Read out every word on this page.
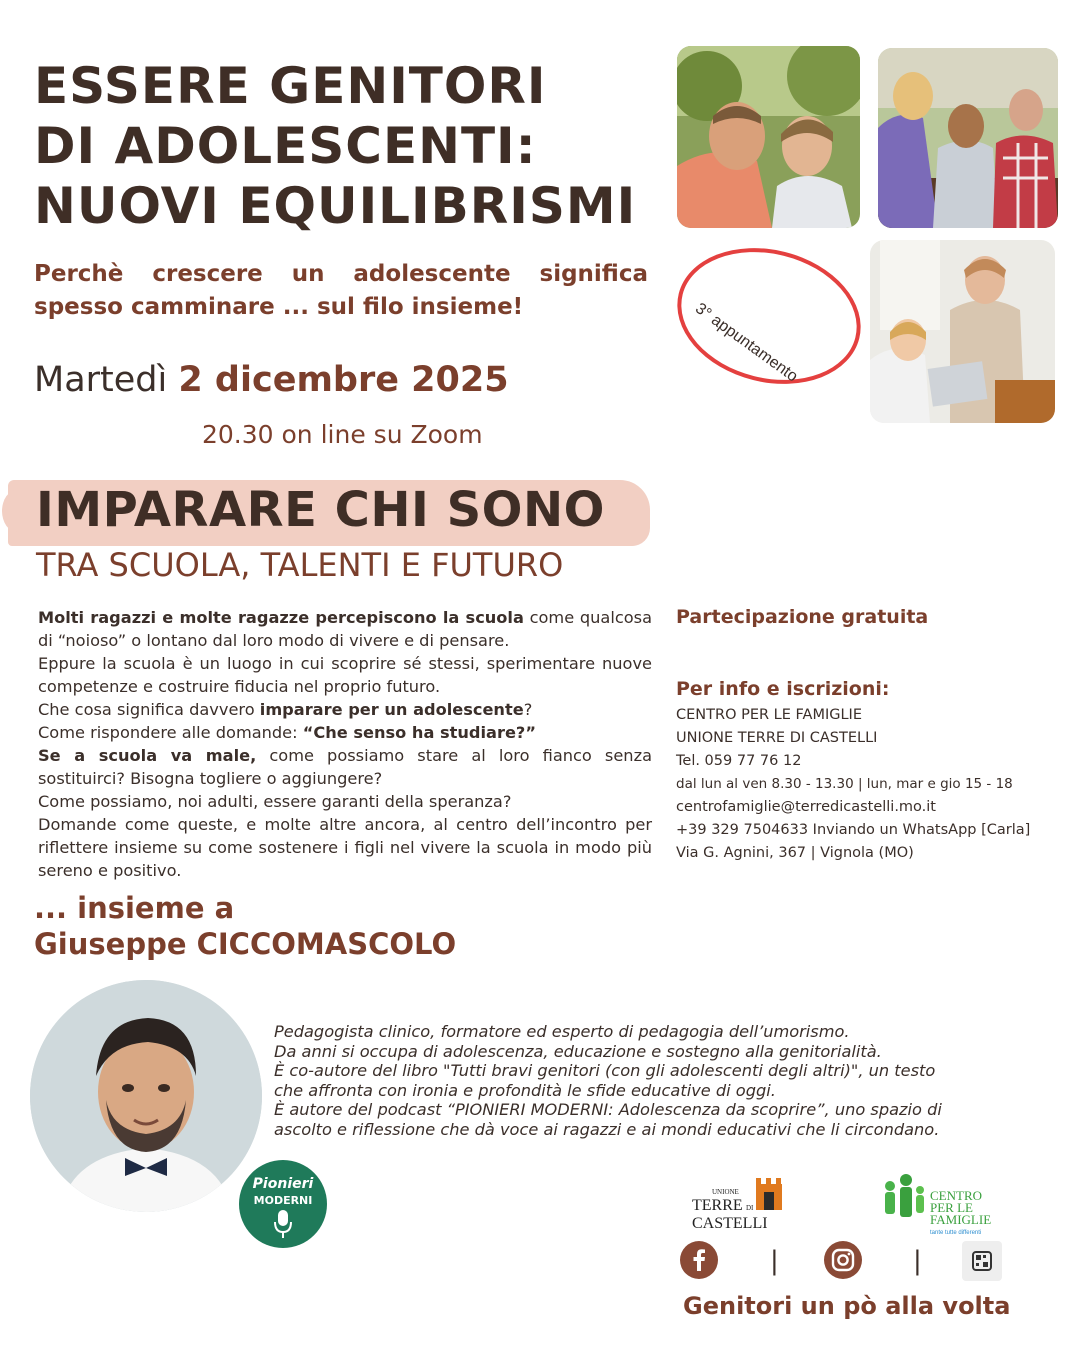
ESSERE GENITORI
DI ADOLESCENTI:
NUOVI EQUILIBRISMI
Perchè crescere un adolescente significa spesso camminare ... sul filo insieme!
Martedì 2 dicembre 2025
20.30 on line su Zoom
3° appuntamento
IMPARARE CHI SONO
TRA SCUOLA, TALENTI E FUTURO

Molti ragazzi e molte ragazze percepiscono la scuola come qualcosa di “noioso” o lontano dal loro modo di vivere e di pensare.

Eppure la scuola è un luogo in cui scoprire sé stessi, sperimentare nuove competenze e costruire fiducia nel proprio futuro.

Che cosa significa davvero imparare per un adolescente?

Come rispondere alle domande: “Che senso ha studiare?”

Se a scuola va male, come possiamo stare al loro fianco senza sostituirci? Bisogna togliere o aggiungere?

Come possiamo, noi adulti, essere garanti della speranza?

Domande come queste, e molte altre ancora, al centro dell’incontro per riflettere insieme su come sostenere i figli nel vivere la scuola in modo più sereno e positivo.

Partecipazione gratuita
Per info e iscrizioni:
CENTRO PER LE FAMIGLIE
UNIONE TERRE DI CASTELLI
Tel. 059 77 76 12
dal lun al ven 8.30 - 13.30 | lun, mar e gio 15 - 18
centrofamiglie@terredicastelli.mo.it
+39 329 7504633 Inviando un WhatsApp [Carla]
Via G. Agnini, 367 | Vignola (MO)
... insieme a
Giuseppe CICCOMASCOLO
Pionieri
MODERNI
Pedagogista clinico, formatore ed esperto di pedagogia dell’umorismo.
Da anni si occupa di adolescenza, educazione e sostegno alla genitorialità.
È co-autore del libro "Tutti bravi genitori (con gli adolescenti degli altri)", un testo
che affronta con ironia e profondità le sfide educative di oggi.
È autore del podcast “PIONIERI MODERNI: Adolescenza da scoprire”, uno spazio di
ascolto e riflessione che dà voce ai ragazzi e ai mondi educativi che li circondano.
UNIONE
TERRE DI
CASTELLI
CENTRO
PER LE
FAMIGLIE
tante tutte differenti
|	|
Genitori un pò alla volta
